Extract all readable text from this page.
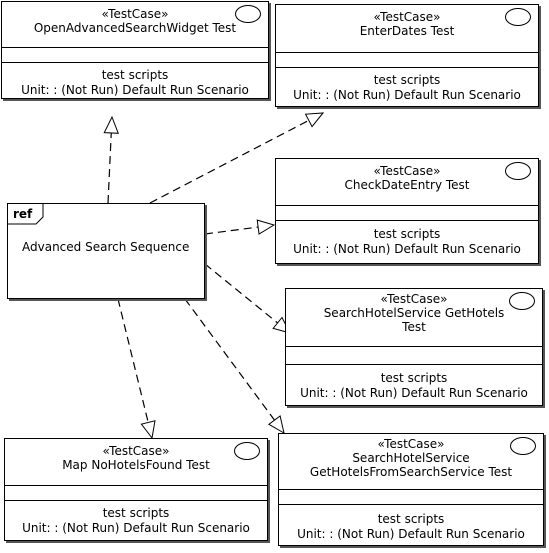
ref
Advanced Search Sequence
«TestCase»
OpenAdvancedSearchWidget Test
test scripts
Unit: : (Not Run) Default Run Scenario
«TestCase»
EnterDates Test
test scripts
Unit: : (Not Run) Default Run Scenario
«TestCase»
CheckDateEntry Test
test scripts
Unit: : (Not Run) Default Run Scenario
«TestCase»
SearchHotelService GetHotels
Test
test scripts
Unit: : (Not Run) Default Run Scenario
«TestCase»
Map NoHotelsFound Test
test scripts
Unit: : (Not Run) Default Run Scenario
«TestCase»
SearchHotelService
GetHotelsFromSearchService Test
test scripts
Unit: : (Not Run) Default Run Scenario
